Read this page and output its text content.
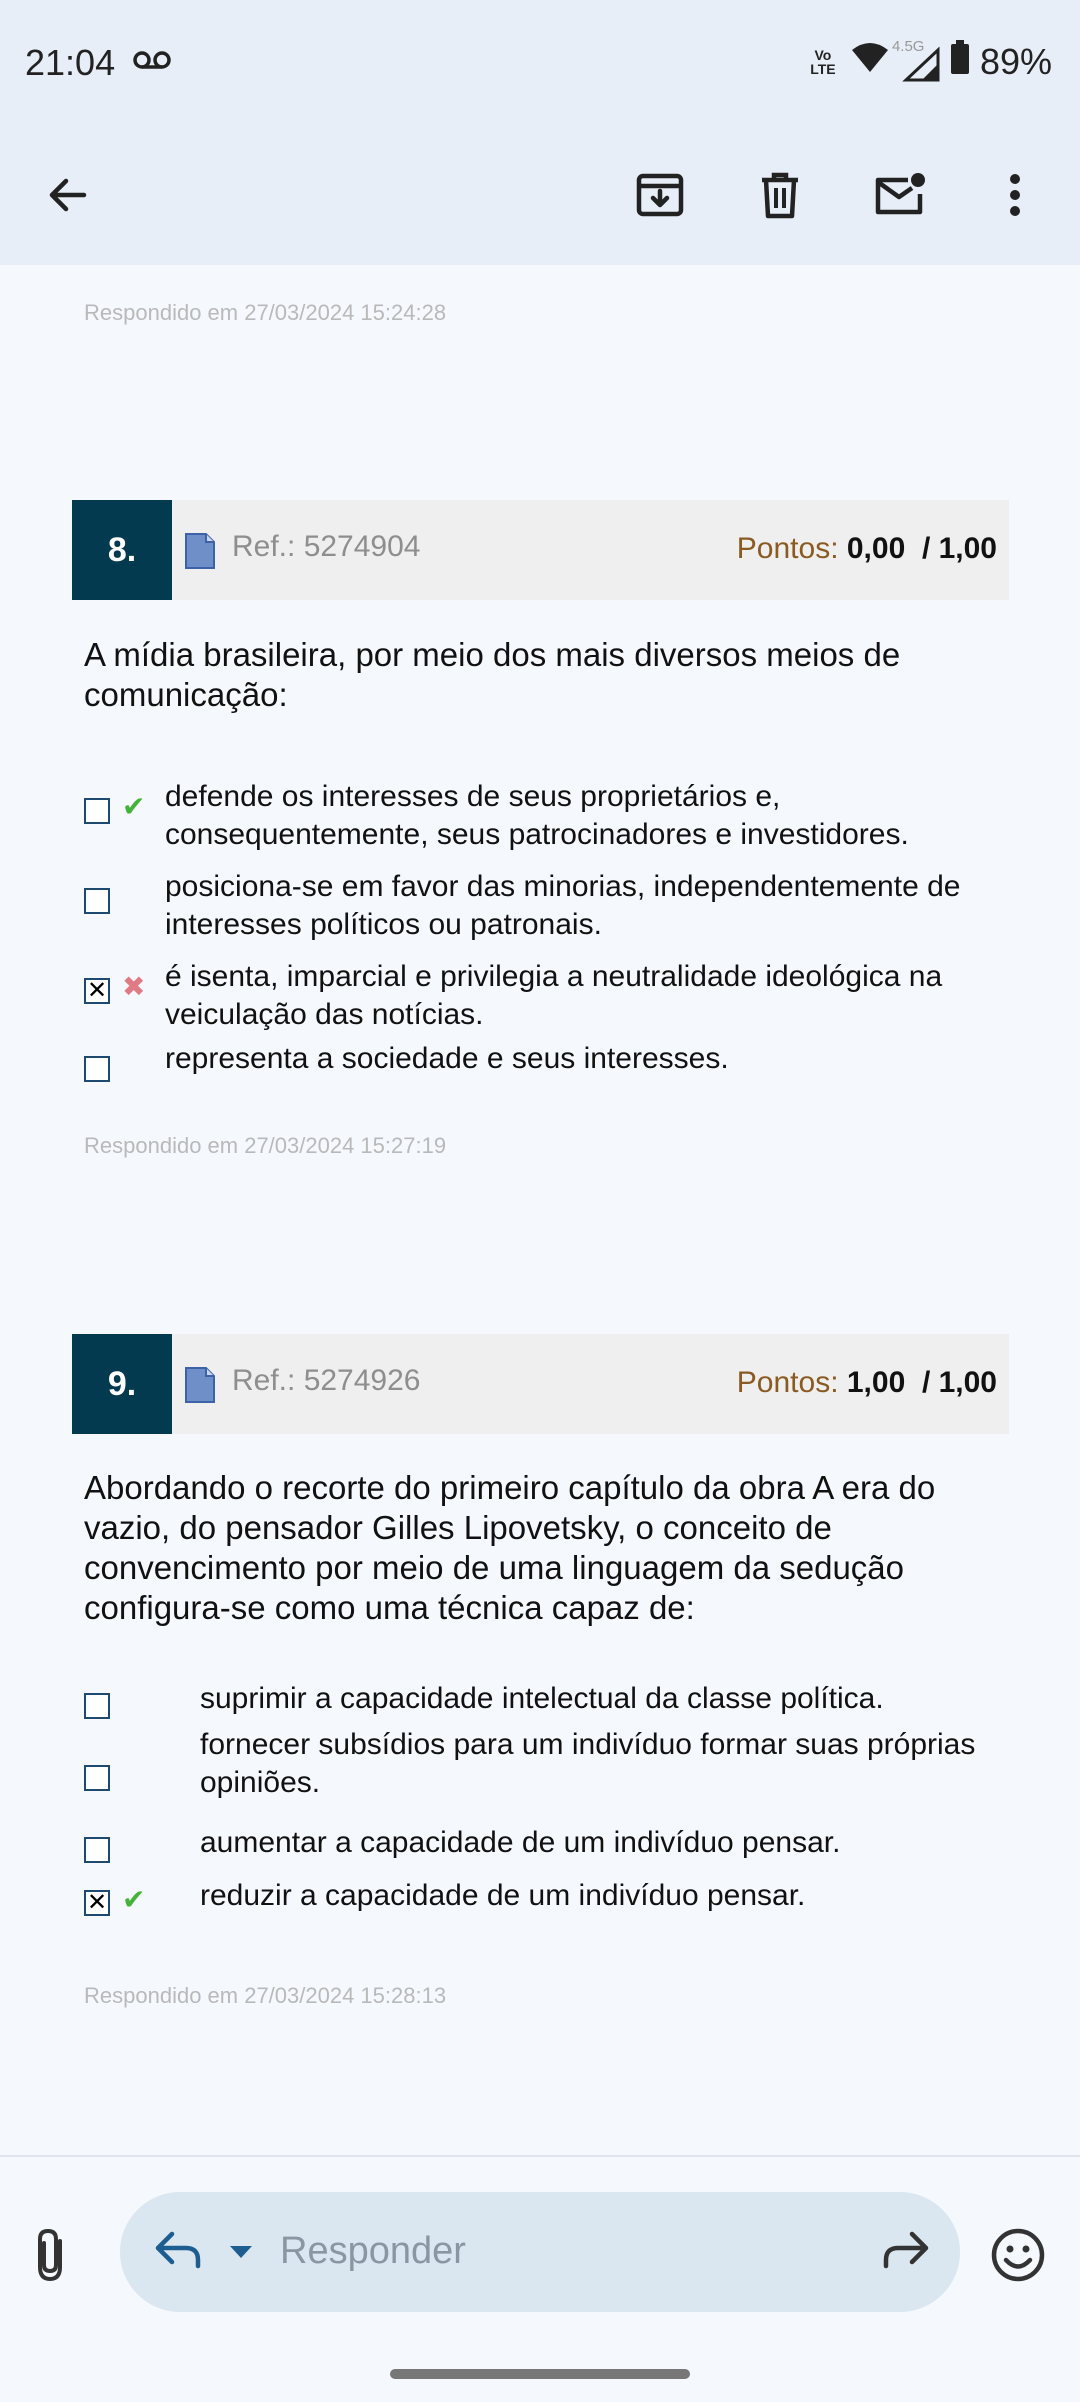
21:04	Vo LTE
4.5G 89%
Respondido em 27/03/2024 15:24:28
8.	Ref.: 5274904	Pontos: 0,00 / 1,00
A mídia brasileira, por meio dos mais diversos meios de comunicação:
✔ defende os interesses de seus proprietários e, consequentemente, seus patrocinadores e investidores.
posiciona-se em favor das minorias, independentemente de interesses políticos ou patronais.
✕
✖ é isenta, imparcial e privilegia a neutralidade ideológica na veiculação das notícias.
representa a sociedade e seus interesses.
Respondido em 27/03/2024 15:27:19
9.	Ref.: 5274926	Pontos: 1,00 / 1,00
Abordando o recorte do primeiro capítulo da obra A era do vazio, do pensador Gilles Lipovetsky, o conceito de convencimento por meio de uma linguagem da sedução configura-se como uma técnica capaz de:
suprimir a capacidade intelectual da classe política.
fornecer subsídios para um indivíduo formar suas próprias opiniões.
aumentar a capacidade de um indivíduo pensar.
✕
✔ reduzir a capacidade de um indivíduo pensar.
Respondido em 27/03/2024 15:28:13
Responder
